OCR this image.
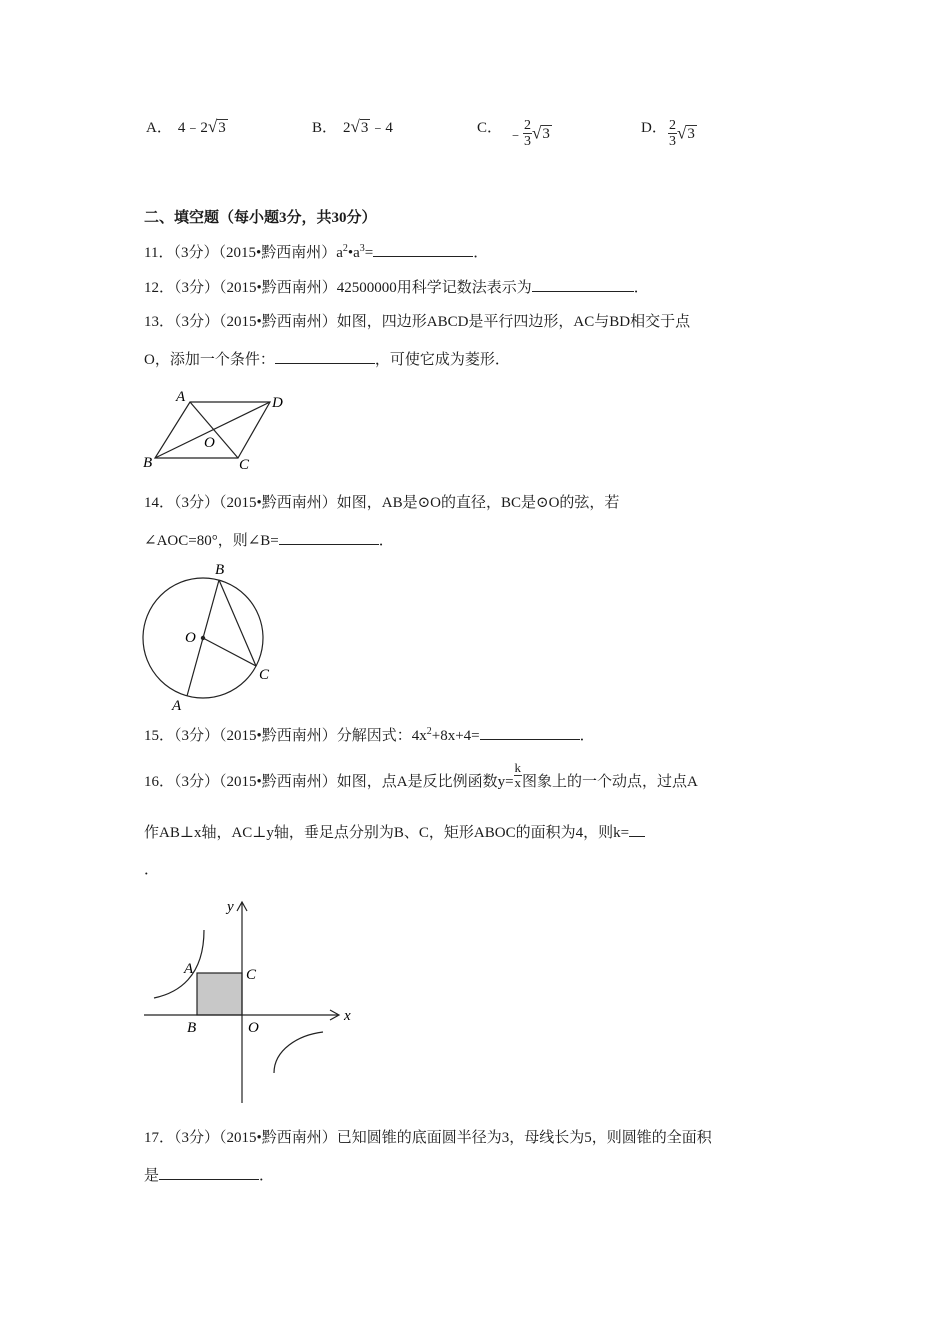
A． 4﹣2√3	B． 2√3 ﹣4	C． ﹣ $\frac{2}{3} √3$	D． $\frac{2}{3} √3$
二、填空题（每小题3分，共30分）
11．（3分）（2015•黔西南州）$a^2•a^3=$	．
12．（3分）（2015•黔西南州）42500000用科学记数法表示为	．
13．（3分）（2015•黔西南州）如图，四边形ABCD是平行四边形，AC与BD相交于点
O，添加一个条件：	，可使它成为菱形．
A	D
B	C
O
14．（3分）（2015•黔西南州）如图，AB是⊙O的直径，BC是⊙O的弦，若
∠AOC=80°，则∠B=	．
B
O
C
A
15．（3分）（2015•黔西南州）分解因式：$4x^2+8x+4=$	．
16．（3分）（2015•黔西南州）如图，点A是反比例函数$y= \frac{k}{x}$ 图象上的一个动点，过点A
作AB⊥x轴，AC⊥y轴，垂足点分别为B、C，矩形ABOC的面积为4，则k=
．
y
x
A	C
B	O
17．（3分）（2015•黔西南州）已知圆锥的底面圆半径为3，母线长为5，则圆锥的全面积
是	．
